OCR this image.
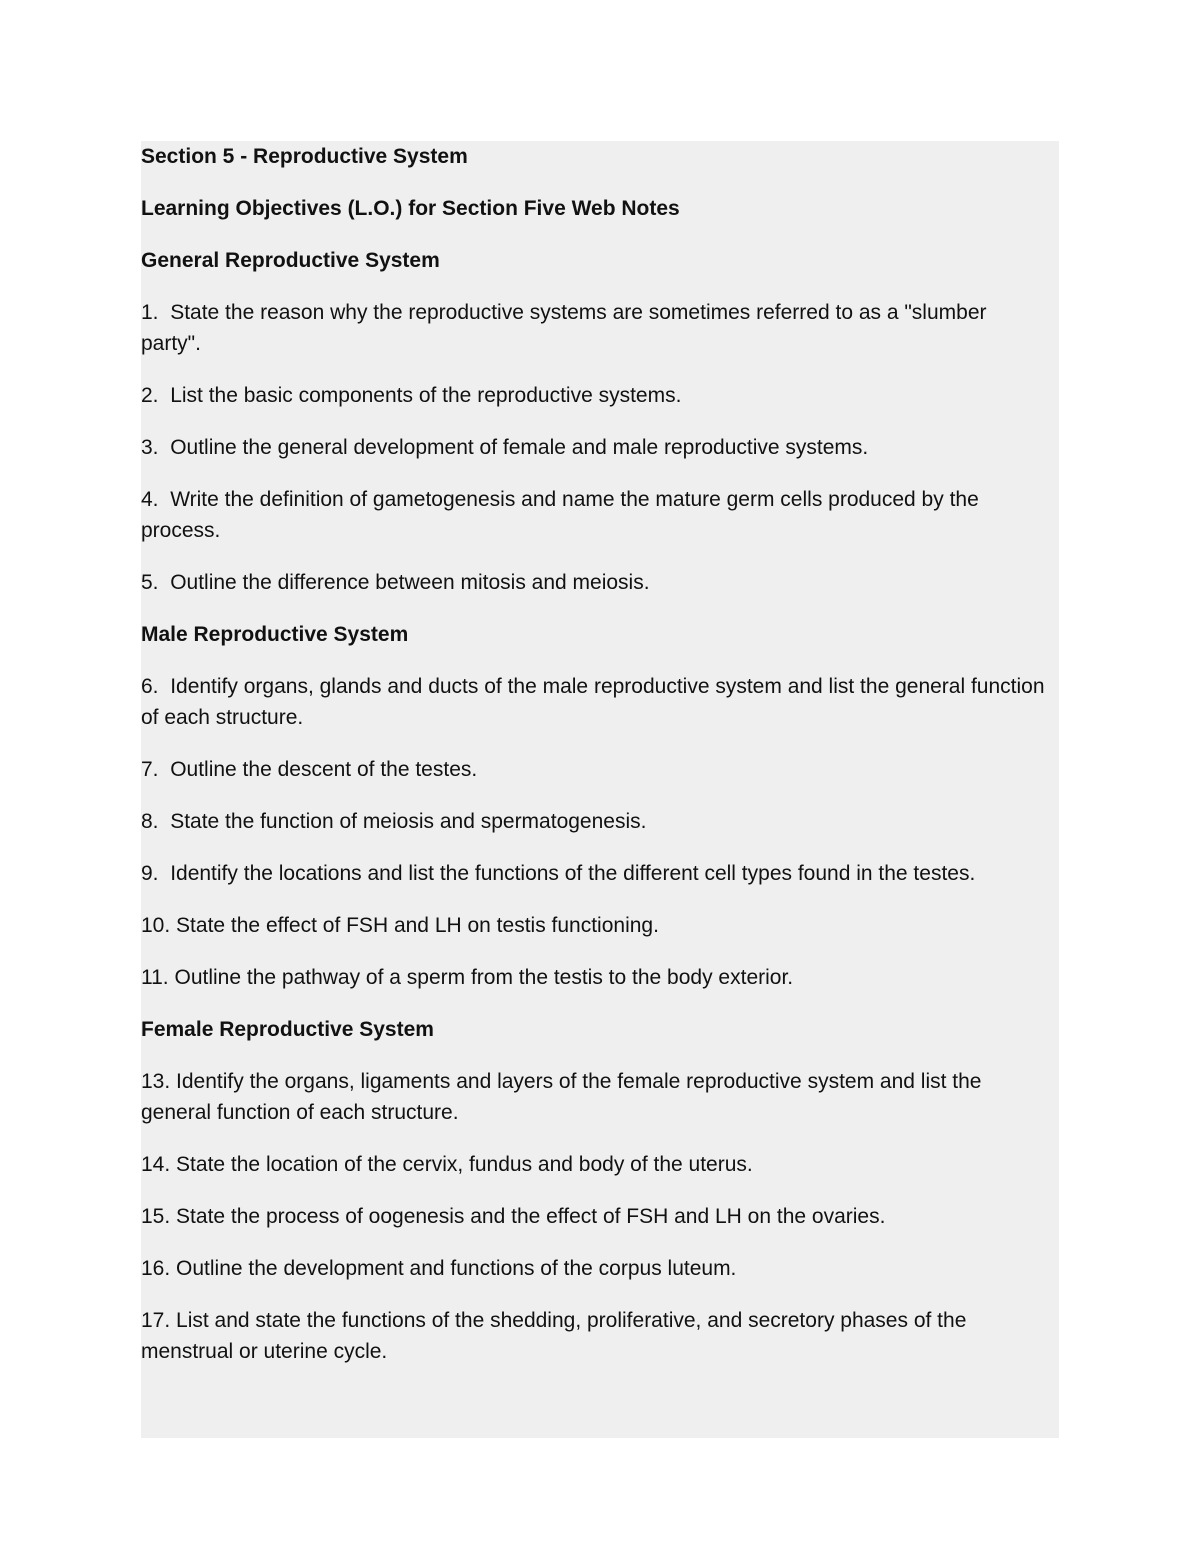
Section 5 - Reproductive System
Learning Objectives (L.O.) for Section Five Web Notes
General Reproductive System
1. State the reason why the reproductive systems are sometimes referred to as a "slumber party".
2. List the basic components of the reproductive systems.
3. Outline the general development of female and male reproductive systems.
4. Write the definition of gametogenesis and name the mature germ cells produced by the process.
5. Outline the difference between mitosis and meiosis.
Male Reproductive System
6. Identify organs, glands and ducts of the male reproductive system and list the general function of each structure.
7. Outline the descent of the testes.
8. State the function of meiosis and spermatogenesis.
9. Identify the locations and list the functions of the different cell types found in the testes.
10. State the effect of FSH and LH on testis functioning.
11. Outline the pathway of a sperm from the testis to the body exterior.
Female Reproductive System
13. Identify the organs, ligaments and layers of the female reproductive system and list the general function of each structure.
14. State the location of the cervix, fundus and body of the uterus.
15. State the process of oogenesis and the effect of FSH and LH on the ovaries.
16. Outline the development and functions of the corpus luteum.
17. List and state the functions of the shedding, proliferative, and secretory phases of the menstrual or uterine cycle.
